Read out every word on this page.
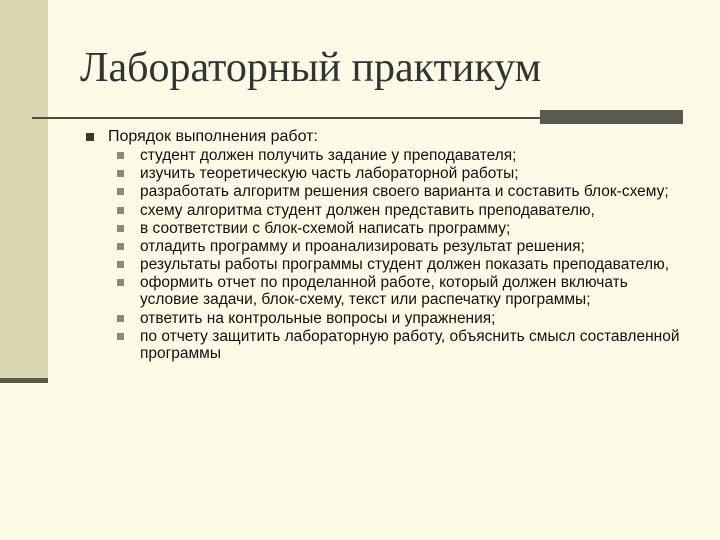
Лабораторный практикум
Порядок выполнения работ:
студент должен получить задание у преподавателя;
изучить теоретическую часть лабораторной работы;
разработать алгоритм решения своего варианта и составить блок-схему;
схему алгоритма студент должен представить преподавателю,
в соответствии с блок-схемой написать программу;
отладить программу и проанализировать результат решения;
результаты работы программы студент должен показать преподавателю,
оформить отчет по проделанной работе, который должен включать условие задачи, блок-схему, текст или распечатку программы;
ответить на контрольные вопросы и упражнения;
по отчету защитить лабораторную работу, объяснить смысл составленной программы
